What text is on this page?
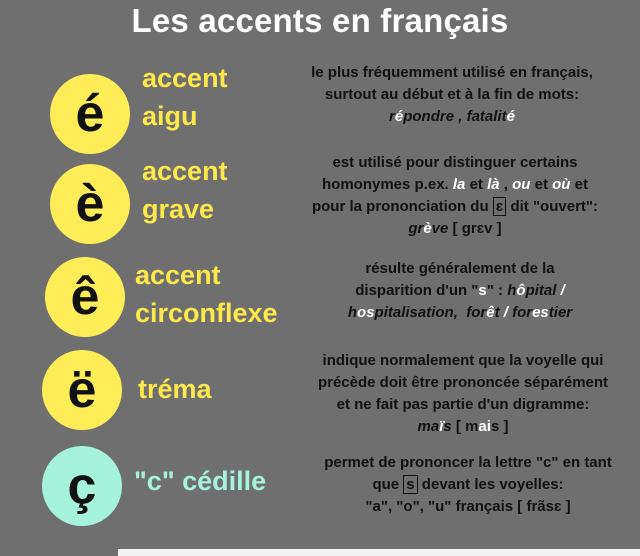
Les accents en français
é
accent
aigu
le plus fréquemment utilisé en français,
surtout au début et à la fin de mots:
répondre , fatalité
è
accent
grave
est utilisé pour distinguer certains
homonymes p.ex. la et là , ou et où et
pour la prononciation du ɛ dit "ouvert":
grève [ grɛv ]
ê	accent
circonflexe
résulte généralement de la
disparition d'un "s" : hôpital /
hospitalisation, forêt / forestier
ë	tréma
indique normalement que la voyelle qui
précède doit être prononcée séparément
et ne fait pas partie d'un digramme:
maïs [ mais ]
ç	"c" cédille
permet de prononcer la lettre "c" en tant
que s devant les voyelles:
"a", "o", "u" français [ frãsɛ ]
